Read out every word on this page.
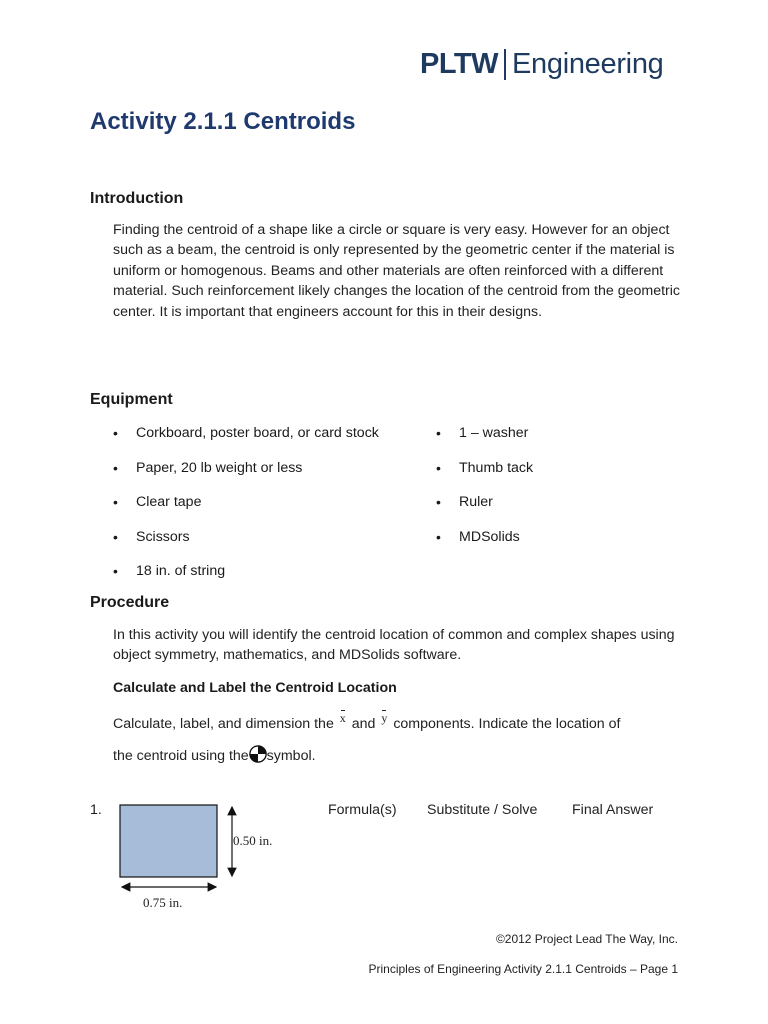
PLTW Engineering
Activity 2.1.1 Centroids
Introduction

Finding the centroid of a shape like a circle or square is very easy. However for an object such as a beam, the centroid is only represented by the geometric center if the material is uniform or homogenous. Beams and other materials are often reinforced with a different material. Such reinforcement likely changes the location of the centroid from the geometric center. It is important that engineers account for this in their designs.

Equipment
• Corkboard, poster board, or card stock
• Paper, 20 lb weight or less
• Clear tape
• Scissors
• 18 in. of string
• 1 – washer
• Thumb tack
• Ruler
• MDSolids
Procedure

In this activity you will identify the centroid location of common and complex shapes using object symmetry, mathematics, and MDSolids software.

Calculate and Label the Centroid Location

Calculate, label, and dimension the x and y components. Indicate the location of
the centroid using the symbol.
1.	Formula(s) Substitute / Solve Final Answer
0.50 in.
0.75 in.
©2012 Project Lead The Way, Inc.
Principles of Engineering Activity 2.1.1 Centroids – Page 1
